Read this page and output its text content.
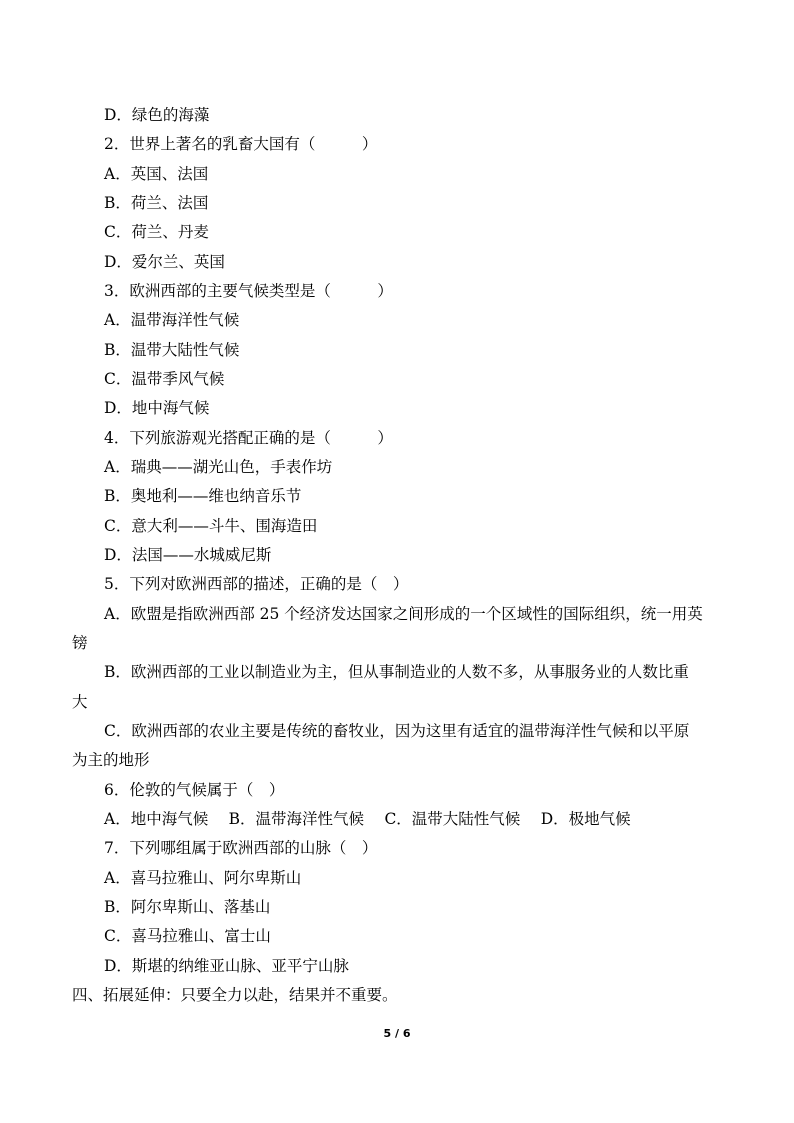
D．绿色的海藻
2．世界上著名的乳畜大国有（　　　）
A．英国、法国
B．荷兰、法国
C．荷兰、丹麦
D．爱尔兰、英国
3．欧洲西部的主要气候类型是（　　　）
A．温带海洋性气候
B．温带大陆性气候
C．温带季风气候
D．地中海气候
4．下列旅游观光搭配正确的是（　　　）
A．瑞典——湖光山色，手表作坊
B．奥地利——维也纳音乐节
C．意大利——斗牛、围海造田
D．法国——水城威尼斯
5．下列对欧洲西部的描述，正确的是（　）
A．欧盟是指欧洲西部 25 个经济发达国家之间形成的一个区域性的国际组织，统一用英
镑
B．欧洲西部的工业以制造业为主，但从事制造业的人数不多，从事服务业的人数比重
大
C．欧洲西部的农业主要是传统的畜牧业，因为这里有适宜的温带海洋性气候和以平原
为主的地形
6．伦敦的气候属于（　）
A．地中海气候　 B．温带海洋性气候　 C．温带大陆性气候　 D．极地气候
7．下列哪组属于欧洲西部的山脉（　）
A．喜马拉雅山、阿尔卑斯山
B．阿尔卑斯山、落基山
C．喜马拉雅山、富士山
D．斯堪的纳维亚山脉、亚平宁山脉
四、拓展延伸：只要全力以赴，结果并不重要。
5 / 6
